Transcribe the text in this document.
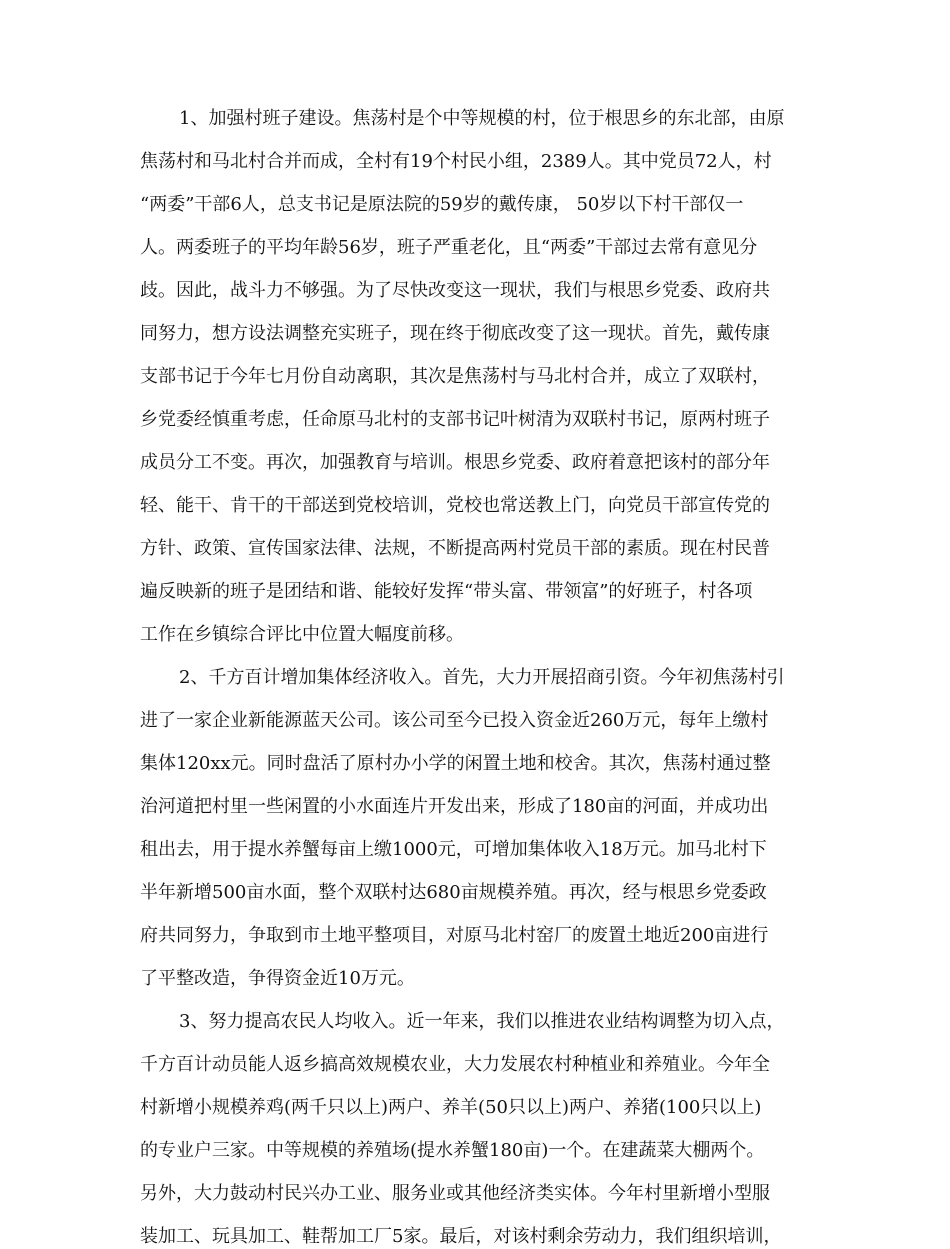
1、加强村班子建设。焦荡村是个中等规模的村，位于根思乡的东北部，由原
焦荡村和马北村合并而成，全村有19个村民小组，2389人。其中党员72人，村
“两委”干部6人，总支书记是原法院的59岁的戴传康， 50岁以下村干部仅一
人。两委班子的平均年龄56岁，班子严重老化，且“两委”干部过去常有意见分
歧。因此，战斗力不够强。为了尽快改变这一现状，我们与根思乡党委、政府共
同努力，想方设法调整充实班子，现在终于彻底改变了这一现状。首先，戴传康
支部书记于今年七月份自动离职，其次是焦荡村与马北村合并，成立了双联村，
乡党委经慎重考虑，任命原马北村的支部书记叶树清为双联村书记，原两村班子
成员分工不变。再次，加强教育与培训。根思乡党委、政府着意把该村的部分年
轻、能干、肯干的干部送到党校培训，党校也常送教上门，向党员干部宣传党的
方针、政策、宣传国家法律、法规，不断提高两村党员干部的素质。现在村民普
遍反映新的班子是团结和谐、能较好发挥“带头富、带领富”的好班子，村各项
工作在乡镇综合评比中位置大幅度前移。
2、千方百计增加集体经济收入。首先，大力开展招商引资。今年初焦荡村引
进了一家企业新能源蓝天公司。该公司至今已投入资金近260万元，每年上缴村
集体120xx元。同时盘活了原村办小学的闲置土地和校舍。其次，焦荡村通过整
治河道把村里一些闲置的小水面连片开发出来，形成了180亩的河面，并成功出
租出去，用于提水养蟹每亩上缴1000元，可增加集体收入18万元。加马北村下
半年新增500亩水面，整个双联村达680亩规模养殖。再次，经与根思乡党委政
府共同努力，争取到市土地平整项目，对原马北村窑厂的废置土地近200亩进行
了平整改造，争得资金近10万元。
3、努力提高农民人均收入。近一年来，我们以推进农业结构调整为切入点，
千方百计动员能人返乡搞高效规模农业，大力发展农村种植业和养殖业。今年全
村新增小规模养鸡(两千只以上)两户、养羊(50只以上)两户、养猪(100只以上)
的专业户三家。中等规模的养殖场(提水养蟹180亩)一个。在建蔬菜大棚两个。
另外，大力鼓动村民兴办工业、服务业或其他经济类实体。今年村里新增小型服
装加工、玩具加工、鞋帮加工厂5家。最后，对该村剩余劳动力，我们组织培训，
